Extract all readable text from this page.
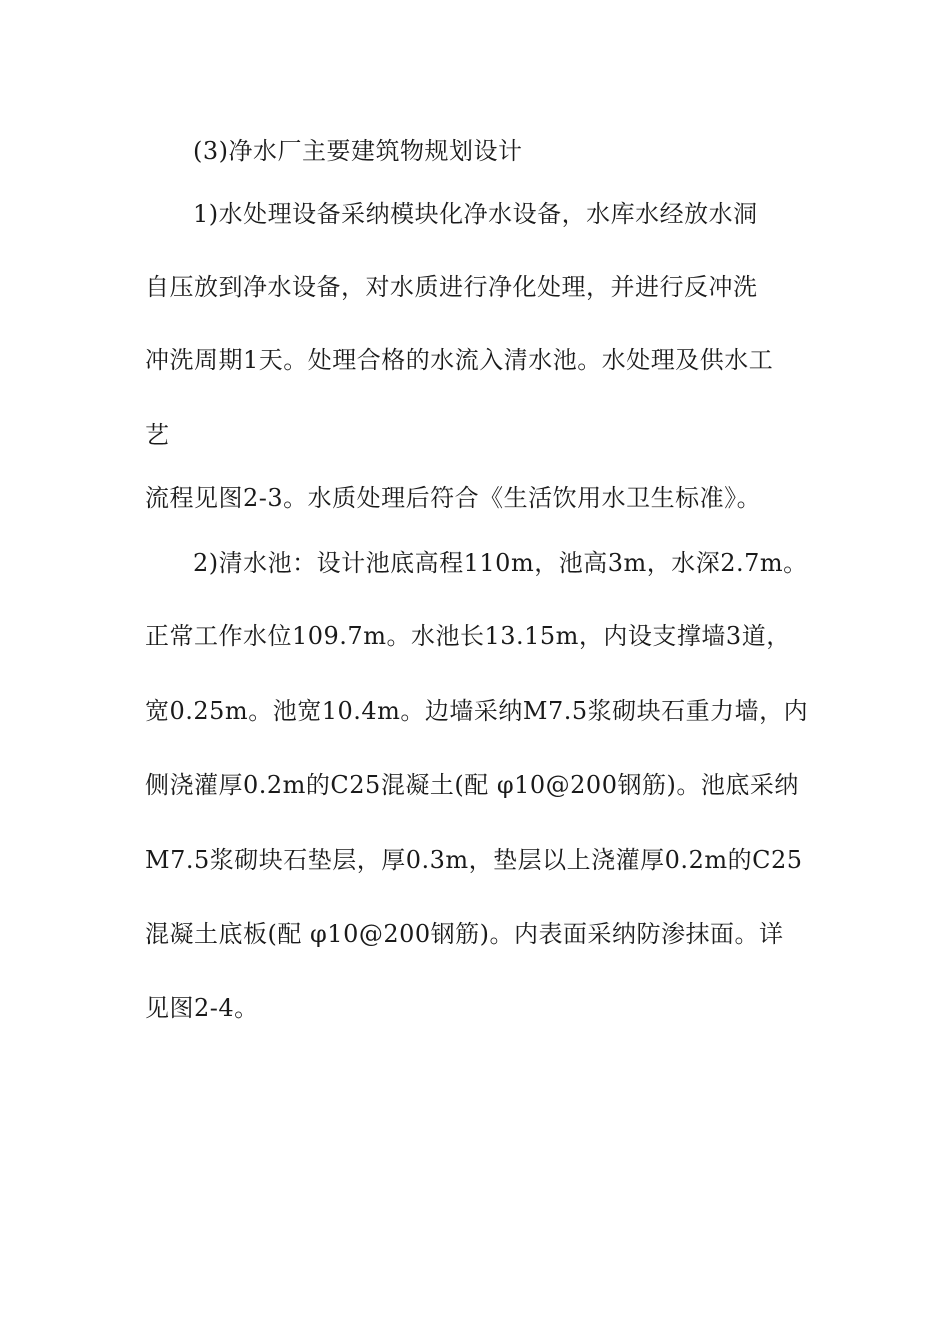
(3)净水厂主要建筑物规划设计
1)水处理设备采纳模块化净水设备，水库水经放水洞
自压放到净水设备，对水质进行净化处理，并进行反冲洗
冲洗周期1天。处理合格的水流入清水池。水处理及供水工
艺
流程见图2-3。水质处理后符合《生活饮用水卫生标准》。
2)清水池：设计池底高程110m，池高3m，水深2.7m。
正常工作水位109.7m。水池长13.15m，内设支撑墙3道，
宽0.25m。池宽10.4m。边墙采纳M7.5浆砌块石重力墙，内
侧浇灌厚0.2m的C25混凝土(配 φ10@200钢筋)。池底采纳
M7.5浆砌块石垫层，厚0.3m，垫层以上浇灌厚0.2m的C25
混凝土底板(配 φ10@200钢筋)。内表面采纳防渗抹面。详
见图2-4。
